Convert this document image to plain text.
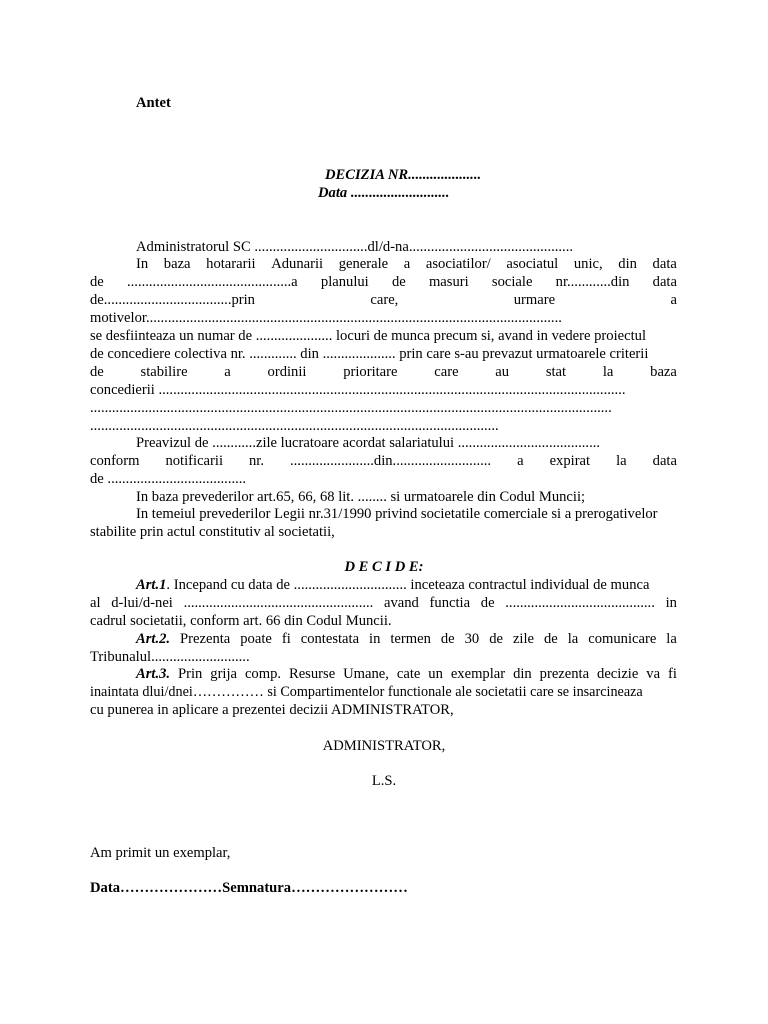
Antet
DECIZIA NR....................
Data ...........................
Administratorul SC ...............................dl/d-na.............................................
In baza hotararii Adunarii generale a asociatilor/ asociatul unic, din data
de .............................................a planului de masuri sociale nr............din data
de...................................prin	care,	urmare	a
motivelor..................................................................................................................
se desfiinteaza un numar de ..................... locuri de munca precum si, avand in vedere proiectul
de concediere colectiva nr. ............. din .................... prin care s-au prevazut urmatoarele criterii
de	stabilire	a	ordinii	prioritare	care	au	stat	la	baza
concedierii ................................................................................................................................
...............................................................................................................................................
................................................................................................................
Preavizul de ............zile lucratoare acordat salariatului .......................................
conform notificarii nr. .......................din........................... a expirat la data
de ......................................
In baza prevederilor art.65, 66, 68 lit. ........ si urmatoarele din Codul Muncii;
In temeiul prevederilor Legii nr.31/1990 privind societatile comerciale si a prerogativelor
stabilite prin actul constitutiv al societatii,
D E C I D E:
Art.1. Incepand cu data de ............................... inceteaza contractul individual de munca
al d-lui/d-nei .................................................... avand functia de ......................................... in
cadrul societatii, conform art. 66 din Codul Muncii.
Art.2. Prezenta poate fi contestata in termen de 30 de zile de la comunicare la
Tribunalul...........................
Art.3. Prin grija comp. Resurse Umane, cate un exemplar din prezenta decizie va fi
inaintata dlui/dnei…………… si Compartimentelor functionale ale societatii care se insarcineaza
cu punerea in aplicare a prezentei decizii ADMINISTRATOR,
ADMINISTRATOR,
L.S.
Am primit un exemplar,
Data…………………Semnatura……………………
